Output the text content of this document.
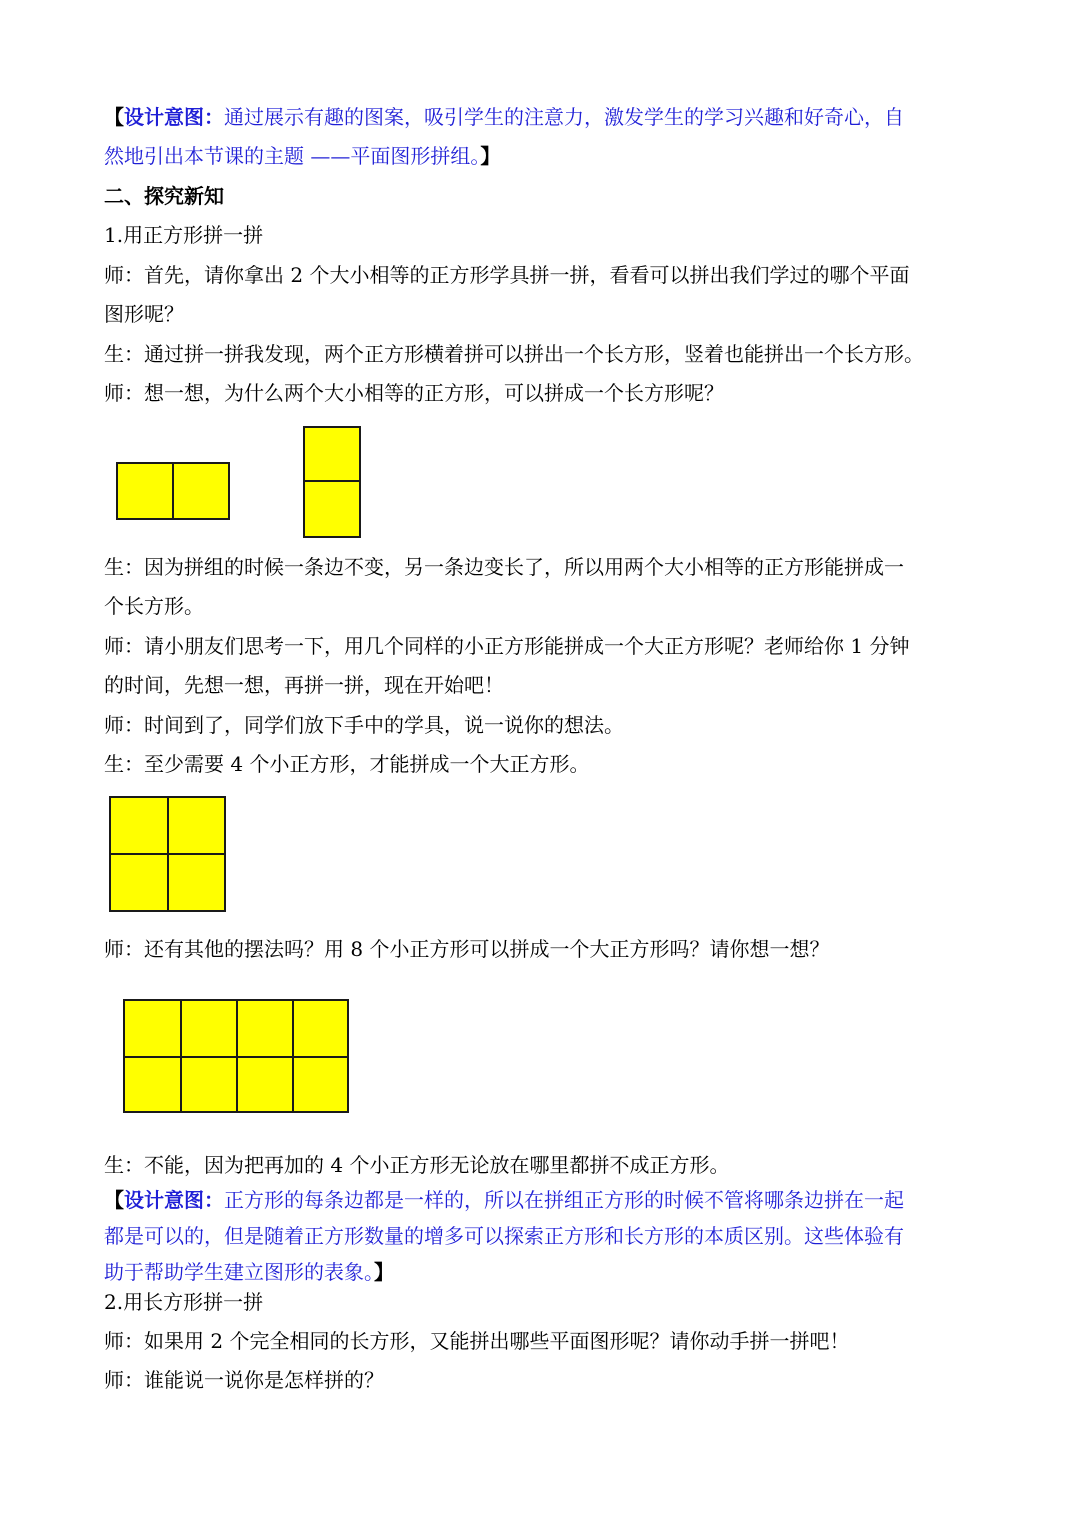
【设计意图：通过展示有趣的图案，吸引学生的注意力，激发学生的学习兴趣和好奇心，自
然地引出本节课的主题 ——平面图形拼组。】
二、探究新知
1.用正方形拼一拼
师：首先，请你拿出 2 个大小相等的正方形学具拼一拼，看看可以拼出我们学过的哪个平面
图形呢？
生：通过拼一拼我发现，两个正方形横着拼可以拼出一个长方形，竖着也能拼出一个长方形。
师：想一想，为什么两个大小相等的正方形，可以拼成一个长方形呢？
生：因为拼组的时候一条边不变，另一条边变长了，所以用两个大小相等的正方形能拼成一
个长方形。
师：请小朋友们思考一下，用几个同样的小正方形能拼成一个大正方形呢？老师给你 1 分钟
的时间，先想一想，再拼一拼，现在开始吧！
师：时间到了，同学们放下手中的学具，说一说你的想法。
生：至少需要 4 个小正方形，才能拼成一个大正方形。
师：还有其他的摆法吗？用 8 个小正方形可以拼成一个大正方形吗？请你想一想？
生：不能，因为把再加的 4 个小正方形无论放在哪里都拼不成正方形。
【设计意图：正方形的每条边都是一样的，所以在拼组正方形的时候不管将哪条边拼在一起
都是可以的，但是随着正方形数量的增多可以探索正方形和长方形的本质区别。这些体验有
助于帮助学生建立图形的表象。】
2.用长方形拼一拼
师：如果用 2 个完全相同的长方形，又能拼出哪些平面图形呢？请你动手拼一拼吧！
师：谁能说一说你是怎样拼的？
